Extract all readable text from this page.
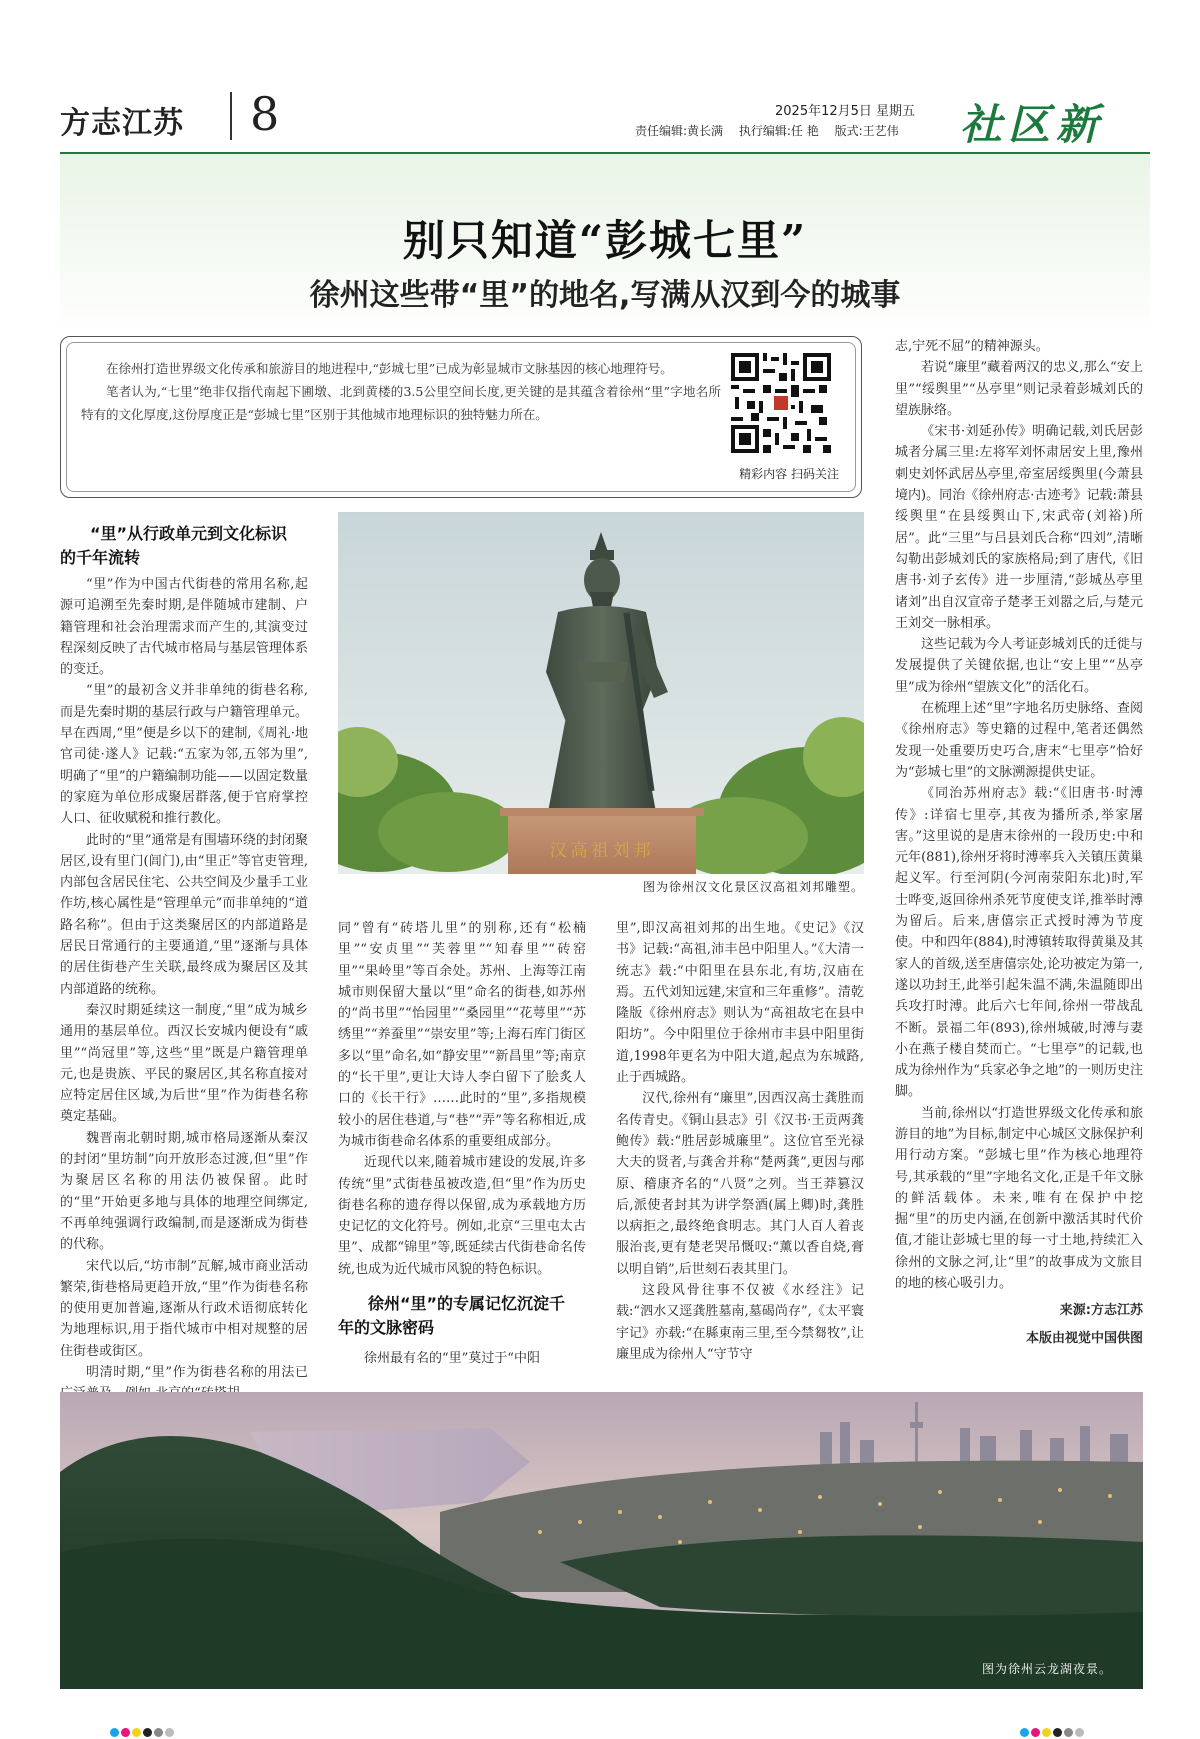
方志江苏 8	2025年12月5日 星期五
责任编辑:黄长满 执行编辑:任 艳 版式:王艺伟 社区新
别只知道“彭城七里”
徐州这些带“里”的地名,写满从汉到今的城事

在徐州打造世界级文化传承和旅游目的地进程中,“彭城七里”已成为彰显城市文脉基因的核心地理符号。

笔者认为,“七里”绝非仅指代南起下圃墩、北到黄楼的3.5公里空间长度,更关键的是其蕴含着徐州“里”字地名所特有的文化厚度,这份厚度正是“彭城七里”区别于其他城市地理标识的独特魅力所在。

精彩内容 扫码关注
“里”从行政单元到文化标识
的千年流转

“里”作为中国古代街巷的常用名称,起源可追溯至先秦时期,是伴随城市建制、户籍管理和社会治理需求而产生的,其演变过程深刻反映了古代城市格局与基层管理体系的变迁。

“里”的最初含义并非单纯的街巷名称,而是先秦时期的基层行政与户籍管理单元。早在西周,“里”便是乡以下的建制,《周礼·地官司徒·遂人》记载:“五家为邻,五邻为里”,明确了“里”的户籍编制功能——以固定数量的家庭为单位形成聚居群落,便于官府掌控人口、征收赋税和推行教化。

此时的“里”通常是有围墙环绕的封闭聚居区,设有里门(闾门),由“里正”等官吏管理,内部包含居民住宅、公共空间及少量手工业作坊,核心属性是“管理单元”而非单纯的“道路名称”。但由于这类聚居区的内部道路是居民日常通行的主要通道,“里”逐渐与具体的居住街巷产生关联,最终成为聚居区及其内部道路的统称。

秦汉时期延续这一制度,“里”成为城乡通用的基层单位。西汉长安城内便设有“戚里”“尚冠里”等,这些“里”既是户籍管理单元,也是贵族、平民的聚居区,其名称直接对应特定居住区域,为后世“里”作为街巷名称奠定基础。

魏晋南北朝时期,城市格局逐渐从秦汉的封闭“里坊制”向开放形态过渡,但“里”作为聚居区名称的用法仍被保留。此时的“里”开始更多地与具体的地理空间绑定,不再单纯强调行政编制,而是逐渐成为街巷的代称。

宋代以后,“坊市制”瓦解,城市商业活动繁荣,街巷格局更趋开放,“里”作为街巷名称的使用更加普遍,逐渐从行政术语彻底转化为地理标识,用于指代城市中相对规整的居住街巷或街区。

明清时期,“里”作为街巷名称的用法已

汉高祖刘邦
图为徐州汉文化景区汉高祖刘邦雕塑。

同”曾有“砖塔儿里”的别称,还有“松楠里”“安贞里”“芙蓉里”“知春里”“砖窑里”“果岭里”等百余处。苏州、上海等江南城市则保留大量以“里”命名的街巷,如苏州的“尚书里”“怡园里”“桑园里”“花萼里”“苏绣里”“养蚕里”“崇安里”等;上海石库门街区多以“里”命名,如“静安里”“新昌里”等;南京的“长干里”,更让大诗人李白留下了脍炙人口的《长干行》……此时的“里”,多指规模较小的居住巷道,与“巷”“弄”等名称相近,成为城市街巷命名体系的重要组成部分。

近现代以来,随着城市建设的发展,许多传统“里”式街巷虽被改造,但“里”作为历史街巷名称的遗存得以保留,成为承载地方历史记忆的文化符号。例如,北京“三里屯太古里”、成都“锦里”等,既延续古代街巷命名传统,也成为近代城市风貌的特色标识。

徐州“里”的专属记忆沉淀千
年的文脉密码

徐州最有名的“里”莫过于“中阳

里”,即汉高祖刘邦的出生地。《史记》《汉书》记载:“高祖,沛丰邑中阳里人。”《大清一统志》载:“中阳里在县东北,有坊,汉庙在焉。五代刘知远建,宋宣和三年重修”。清乾隆版《徐州府志》则认为“高祖故宅在县中阳坊”。今中阳里位于徐州市丰县中阳里街道,1998年更名为中阳大道,起点为东城路,止于西城路。

汉代,徐州有“廉里”,因西汉高士龚胜而名传青史。《铜山县志》引《汉书·王贡两龚鲍传》载:“胜居彭城廉里”。这位官至光禄大夫的贤者,与龚舍并称“楚两龚”,更因与邴原、稽康齐名的“八贤”之列。当王莽篡汉后,派使者封其为讲学祭酒(属上卿)时,龚胜以病拒之,最终绝食明志。其门人百人着丧服治丧,更有楚老哭吊慨叹:“薰以香自烧,膏以明自销”,后世刻石表其里门。

这段风骨往事不仅被《水经注》记载:“泗水又逕龚胜墓南,墓碣尚存”,《太平寰宇记》亦载:“在縣東南三里,至今禁芻牧”,让廉里成为徐州人“守节守

志,宁死不屈”的精神源头。

若说“廉里”藏着两汉的忠义,那么“安上里”“绥舆里”“丛亭里”则记录着彭城刘氏的望族脉络。

《宋书·刘延孙传》明确记载,刘氏居彭城者分属三里:左将军刘怀肃居安上里,豫州刺史刘怀武居丛亭里,帝室居绥舆里(今萧县境内)。同治《徐州府志·古迹考》记载:萧县绥舆里“在县绥舆山下,宋武帝(刘裕)所居”。此“三里”与吕县刘氏合称“四刘”,清晰勾勒出彭城刘氏的家族格局;到了唐代,《旧唐书·刘子玄传》进一步厘清,“彭城丛亭里诸刘”出自汉宣帝子楚孝王刘嚣之后,与楚元王刘交一脉相承。

这些记载为今人考证彭城刘氏的迁徙与发展提供了关键依据,也让“安上里”“丛亭里”成为徐州“望族文化”的活化石。

在梳理上述“里”字地名历史脉络、查阅《徐州府志》等史籍的过程中,笔者还偶然发现一处重要历史巧合,唐末“七里亭”恰好为“彭城七里”的文脉溯源提供史证。

《同治苏州府志》载:“《旧唐书·时溥传》:详宿七里亭,其夜为播所杀,举家屠害。”这里说的是唐末徐州的一段历史:中和元年(881),徐州牙将时溥率兵入关镇压黄巢起义军。行至河阴(今河南荥阳东北)时,军士哗变,返回徐州杀死节度使支详,推举时溥为留后。后来,唐僖宗正式授时溥为节度使。中和四年(884),时溥镇转取得黄巢及其家人的首级,送至唐僖宗处,论功被定为第一,遂以功封王,此举引起朱温不满,朱温随即出兵攻打时溥。此后六七年间,徐州一带战乱不断。景福二年(893),徐州城破,时溥与妻小在燕子楼自焚而亡。“七里亭”的记载,也成为徐州作为“兵家必争之地”的一则历史注脚。

当前,徐州以“打造世界级文化传承和旅游目的地”为目标,制定中心城区文脉保护利用行动方案。“彭城七里”作为核心地理符号,其承载的“里”字地名文化,正是千年文脉的鲜活载体。未来,唯有在保护中挖掘“里”的历史内涵,在创新中激活其时代价值,才能让彭城七里的每一寸土地,持续汇入徐州的文脉之河,让“里”的故事成为文旅目的地的核心吸引力。

来源:方志江苏

本版由视觉中国供图

图为徐州云龙湖夜景。
